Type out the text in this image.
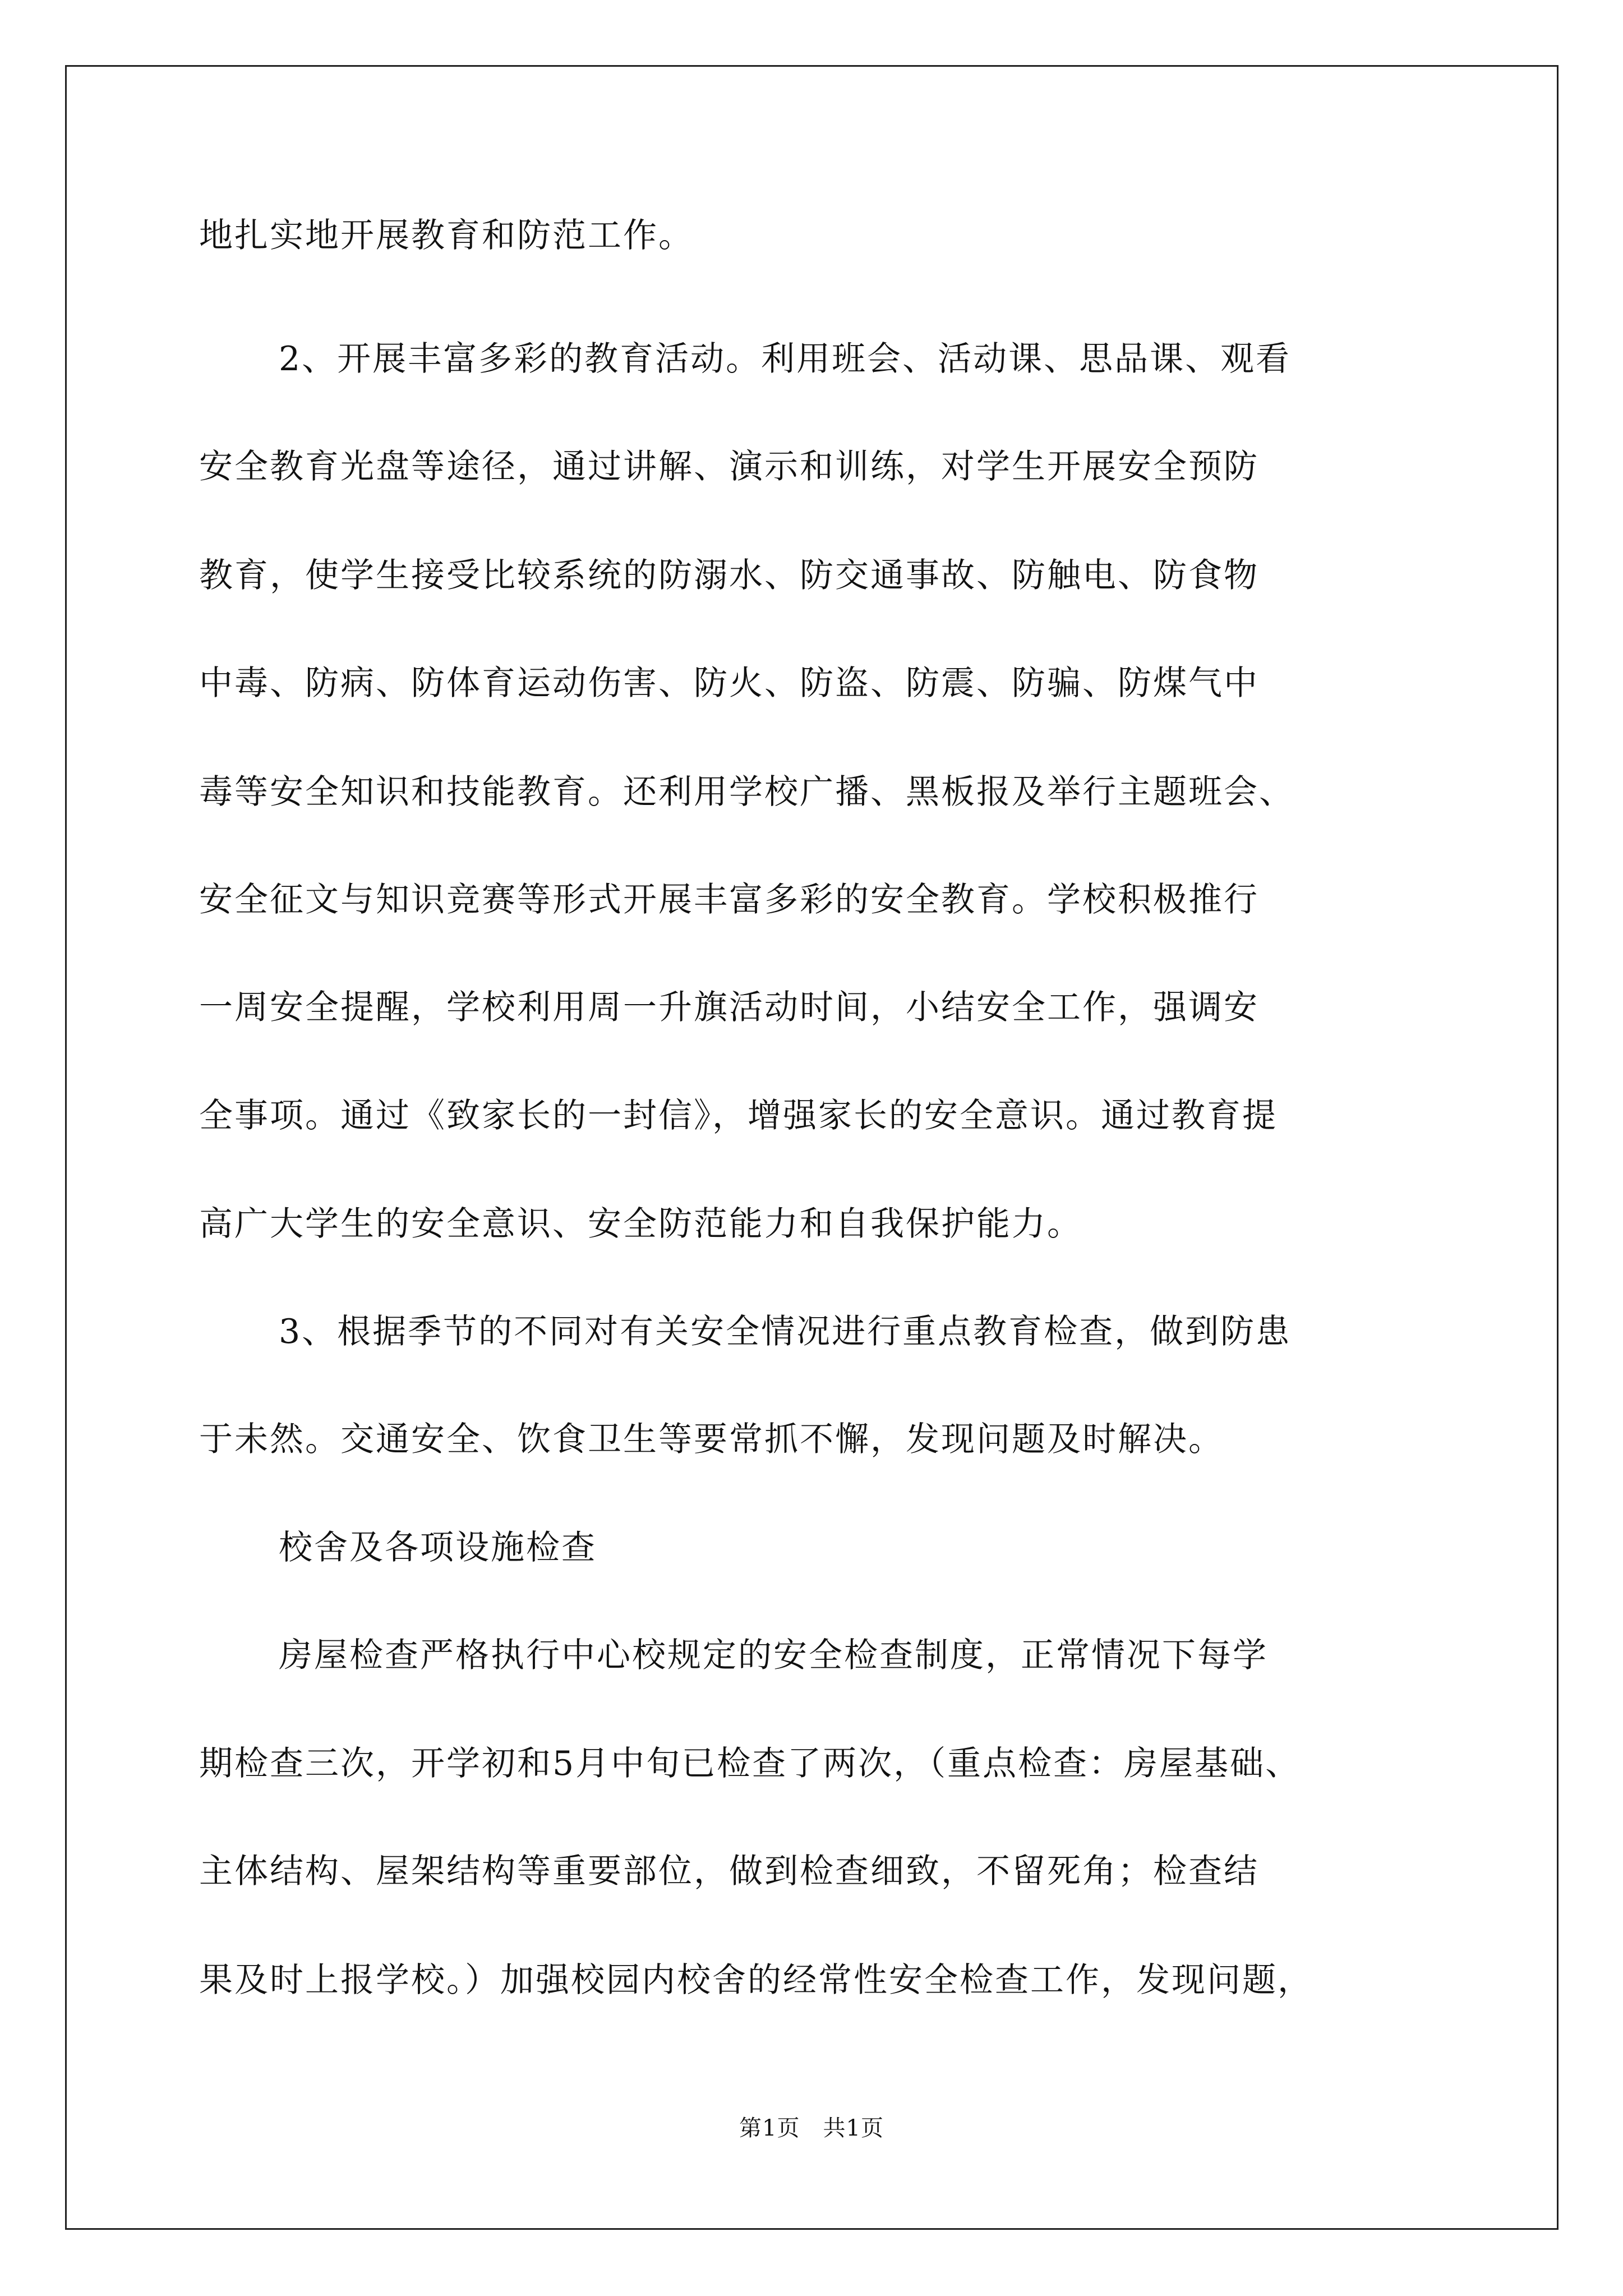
地扎实地开展教育和防范工作。
2、开展丰富多彩的教育活动。利用班会、活动课、思品课、观看
安全教育光盘等途径，通过讲解、演示和训练，对学生开展安全预防
教育，使学生接受比较系统的防溺水、防交通事故、防触电、防食物
中毒、防病、防体育运动伤害、防火、防盗、防震、防骗、防煤气中
毒等安全知识和技能教育。还利用学校广播、黑板报及举行主题班会、
安全征文与知识竞赛等形式开展丰富多彩的安全教育。学校积极推行
一周安全提醒，学校利用周一升旗活动时间，小结安全工作，强调安
全事项。通过《致家长的一封信》，增强家长的安全意识。通过教育提
高广大学生的安全意识、安全防范能力和自我保护能力。
3、根据季节的不同对有关安全情况进行重点教育检查，做到防患
于未然。交通安全、饮食卫生等要常抓不懈，发现问题及时解决。
校舍及各项设施检查
房屋检查严格执行中心校规定的安全检查制度，正常情况下每学
期检查三次，开学初和5月中旬已检查了两次，（重点检查：房屋基础、
主体结构、屋架结构等重要部位，做到检查细致，不留死角；检查结
果及时上报学校。）加强校园内校舍的经常性安全检查工作，发现问题，
第1页　共1页
